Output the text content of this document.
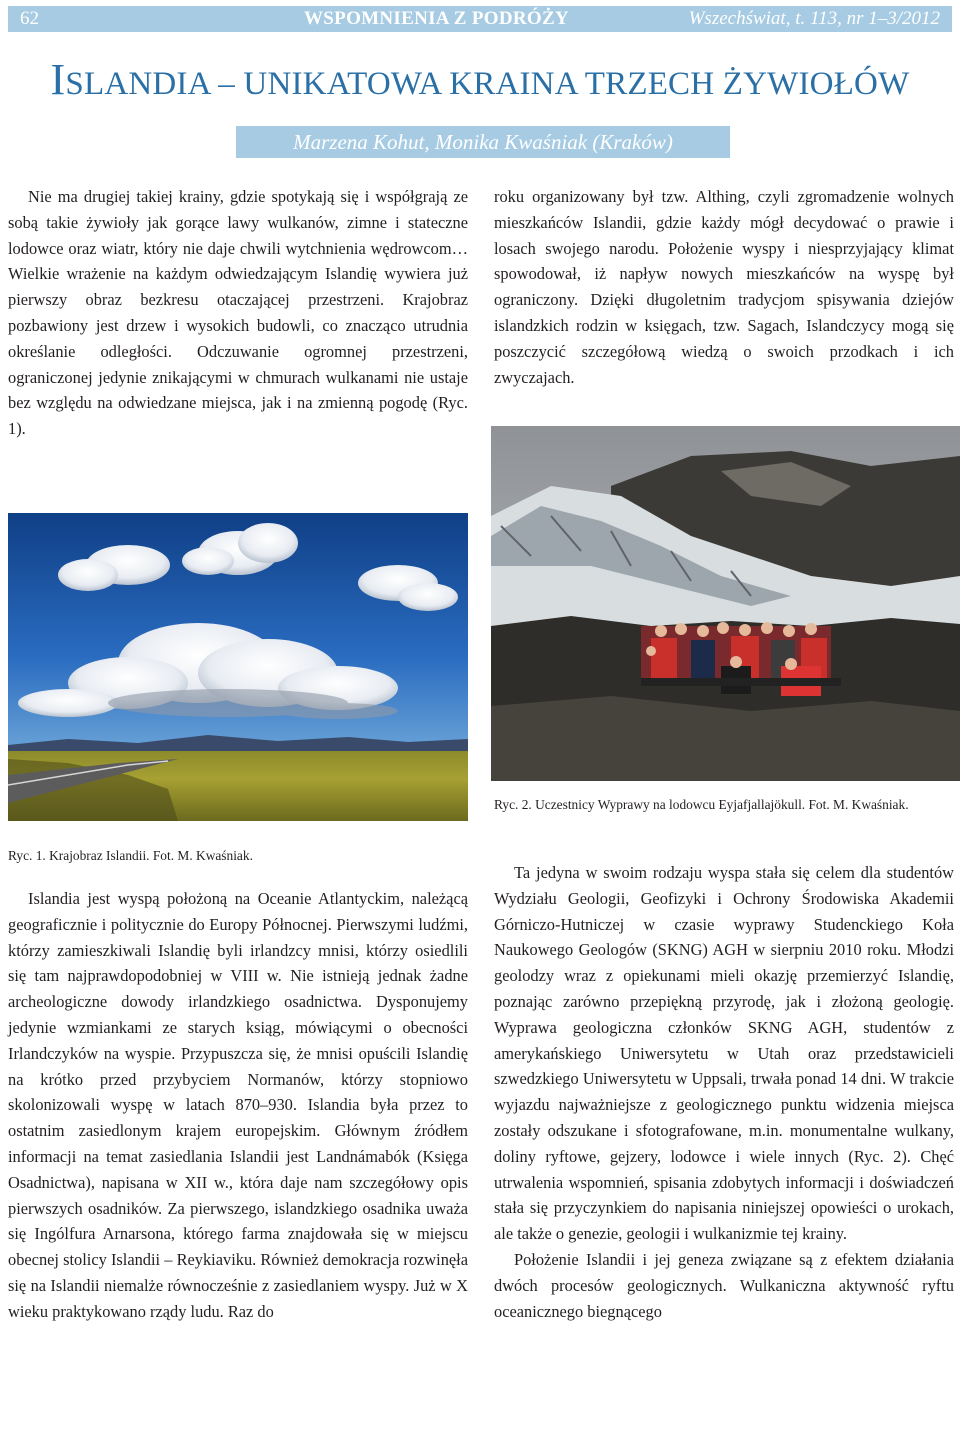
62	WSPOMNIENIA Z PODRÓŻY	Wszechświat, t. 113, nr 1–3/2012
ISLANDIA – UNIKATOWA KRAINA TRZECH ŻYWIOŁÓW
Marzena Kohut, Monika Kwaśniak (Kraków)

Nie ma drugiej takiej krainy, gdzie spotykają się i współgrają ze sobą takie żywioły jak gorące lawy wulkanów, zimne i stateczne lodowce oraz wiatr, który nie daje chwili wytchnienia wędrowcom… Wielkie wrażenie na każdym odwiedzającym Islandię wywiera już pierwszy obraz bezkresu otaczającej przestrzeni. Krajobraz pozbawiony jest drzew i wysokich budowli, co znacząco utrudnia określanie odległości. Odczuwanie ogromnej przestrzeni, ograniczonej jedynie znikającymi w chmurach wulkanami nie ustaje bez względu na odwiedzane miejsca, jak i na zmienną pogodę (Ryc. 1).

roku organizowany był tzw. Althing, czyli zgromadzenie wolnych mieszkańców Islandii, gdzie każdy mógł decydować o prawie i losach swojego narodu. Położenie wyspy i niesprzyjający klimat spowodował, iż napływ nowych mieszkańców na wyspę był ograniczony. Dzięki długoletnim tradycjom spisywania dziejów islandzkich rodzin w księgach, tzw. Sagach, Islandczycy mogą się poszczycić szczegółową wiedzą o swoich przodkach i ich zwyczajach.

Ryc. 2. Uczestnicy Wyprawy na lodowcu Eyjafjallajökull. Fot. M. Kwaśniak.
Ryc. 1. Krajobraz Islandii. Fot. M. Kwaśniak.

Islandia jest wyspą położoną na Oceanie Atlantyckim, należącą geograficznie i politycznie do Europy Północnej. Pierwszymi ludźmi, którzy zamieszkiwali Islandię byli irlandzcy mnisi, którzy osiedlili się tam najprawdopodobniej w VIII w. Nie istnieją jednak żadne archeologiczne dowody irlandzkiego osadnictwa. Dysponujemy jedynie wzmiankami ze starych ksiąg, mówiącymi o obecności Irlandczyków na wyspie. Przypuszcza się, że mnisi opuścili Islandię na krótko przed przybyciem Normanów, którzy stopniowo skolonizowali wyspę w latach 870–930. Islandia była przez to ostatnim zasiedlonym krajem europejskim. Głównym źródłem informacji na temat zasiedlania Islandii jest Landnámabók (Księga Osadnictwa), napisana w XII w., która daje nam szczegółowy opis pierwszych osadników. Za pierwszego, islandzkiego osadnika uważa się Ingólfura Arnarsona, którego farma znajdowała się w miejscu obecnej stolicy Islandii – Reykiaviku. Również demokracja rozwinęła się na Islandii niemalże równocześnie z zasiedlaniem wyspy. Już w X wieku praktykowano rządy ludu. Raz do

Ta jedyna w swoim rodzaju wyspa stała się celem dla studentów Wydziału Geologii, Geofizyki i Ochrony Środowiska Akademii Górniczo-Hutniczej w czasie wyprawy Studenckiego Koła Naukowego Geologów (SKNG) AGH w sierpniu 2010 roku. Młodzi geolodzy wraz z opiekunami mieli okazję przemierzyć Islandię, poznając zarówno przepiękną przyrodę, jak i złożoną geologię. Wyprawa geologiczna członków SKNG AGH, studentów z amerykańskiego Uniwersytetu w Utah oraz przedstawicieli szwedzkiego Uniwersytetu w Uppsali, trwała ponad 14 dni. W trakcie wyjazdu najważniejsze z geologicznego punktu widzenia miejsca zostały odszukane i sfotografowane, m.in. monumentalne wulkany, doliny ryftowe, gejzery, lodowce i wiele innych (Ryc. 2). Chęć utrwalenia wspomnień, spisania zdobytych informacji i doświadczeń stała się przyczynkiem do napisania niniejszej opowieści o urokach, ale także o genezie, geologii i wulkanizmie tej krainy.

Położenie Islandii i jej geneza związane są z efektem działania dwóch procesów geologicznych. Wulkaniczna aktywność ryftu oceanicznego biegnącego
